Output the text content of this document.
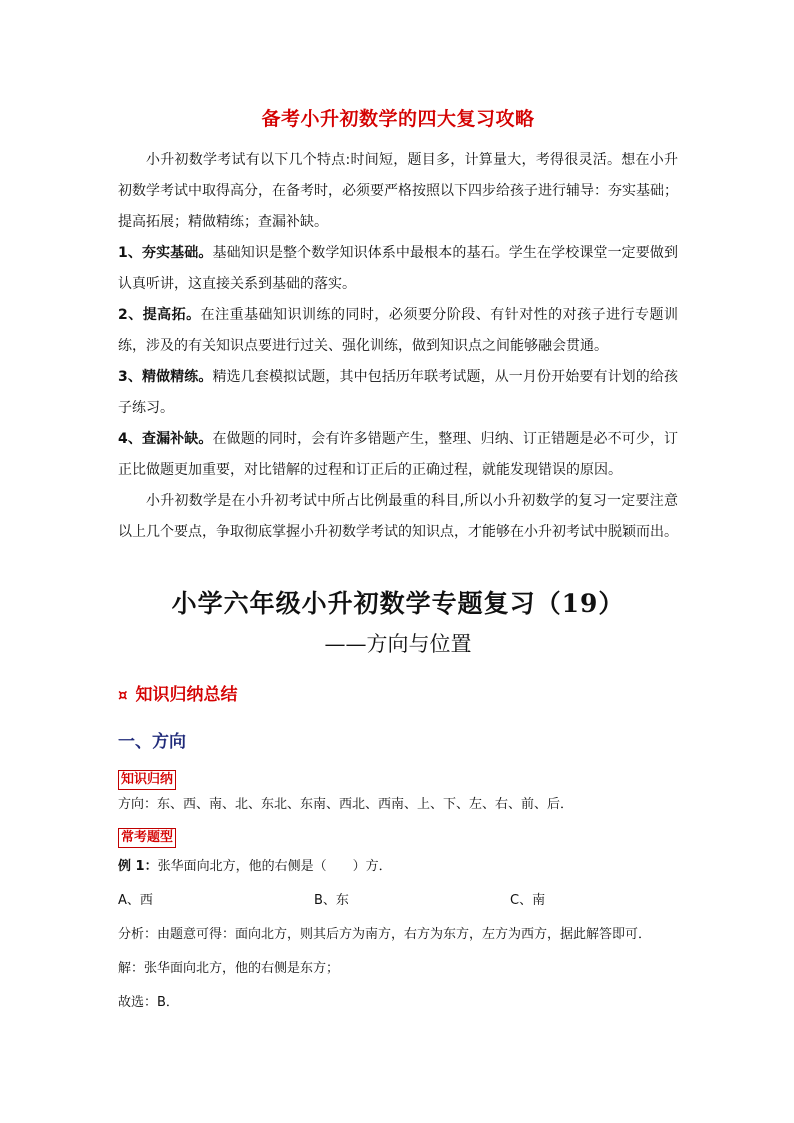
备考小升初数学的四大复习攻略

小升初数学考试有以下几个特点:时间短，题目多，计算量大，考得很灵活。想在小升初数学考试中取得高分，在备考时，必须要严格按照以下四步给孩子进行辅导：夯实基础；提高拓展；精做精练；查漏补缺。

1、夯实基础。基础知识是整个数学知识体系中最根本的基石。学生在学校课堂一定要做到认真听讲，这直接关系到基础的落实。

2、提高拓。在注重基础知识训练的同时，必须要分阶段、有针对性的对孩子进行专题训练，涉及的有关知识点要进行过关、强化训练，做到知识点之间能够融会贯通。

3、精做精练。精选几套模拟试题，其中包括历年联考试题，从一月份开始要有计划的给孩子练习。

4、查漏补缺。在做题的同时，会有许多错题产生，整理、归纳、订正错题是必不可少，订正比做题更加重要，对比错解的过程和订正后的正确过程，就能发现错误的原因。

小升初数学是在小升初考试中所占比例最重的科目,所以小升初数学的复习一定要注意以上几个要点，争取彻底掌握小升初数学考试的知识点，才能够在小升初考试中脱颖而出。

小学六年级小升初数学专题复习（19）
——方向与位置
¤ 知识归纳总结
一、方向
知识归纳

方向：东、西、南、北、东北、东南、西北、西南、上、下、左、右、前、后．

常考题型

例 1：张华面向北方，他的右侧是（　　）方．

A、西	B、东	C、南

分析：由题意可得：面向北方，则其后方为南方，右方为东方，左方为西方，据此解答即可．

解：张华面向北方，他的右侧是东方；

故选：B．
